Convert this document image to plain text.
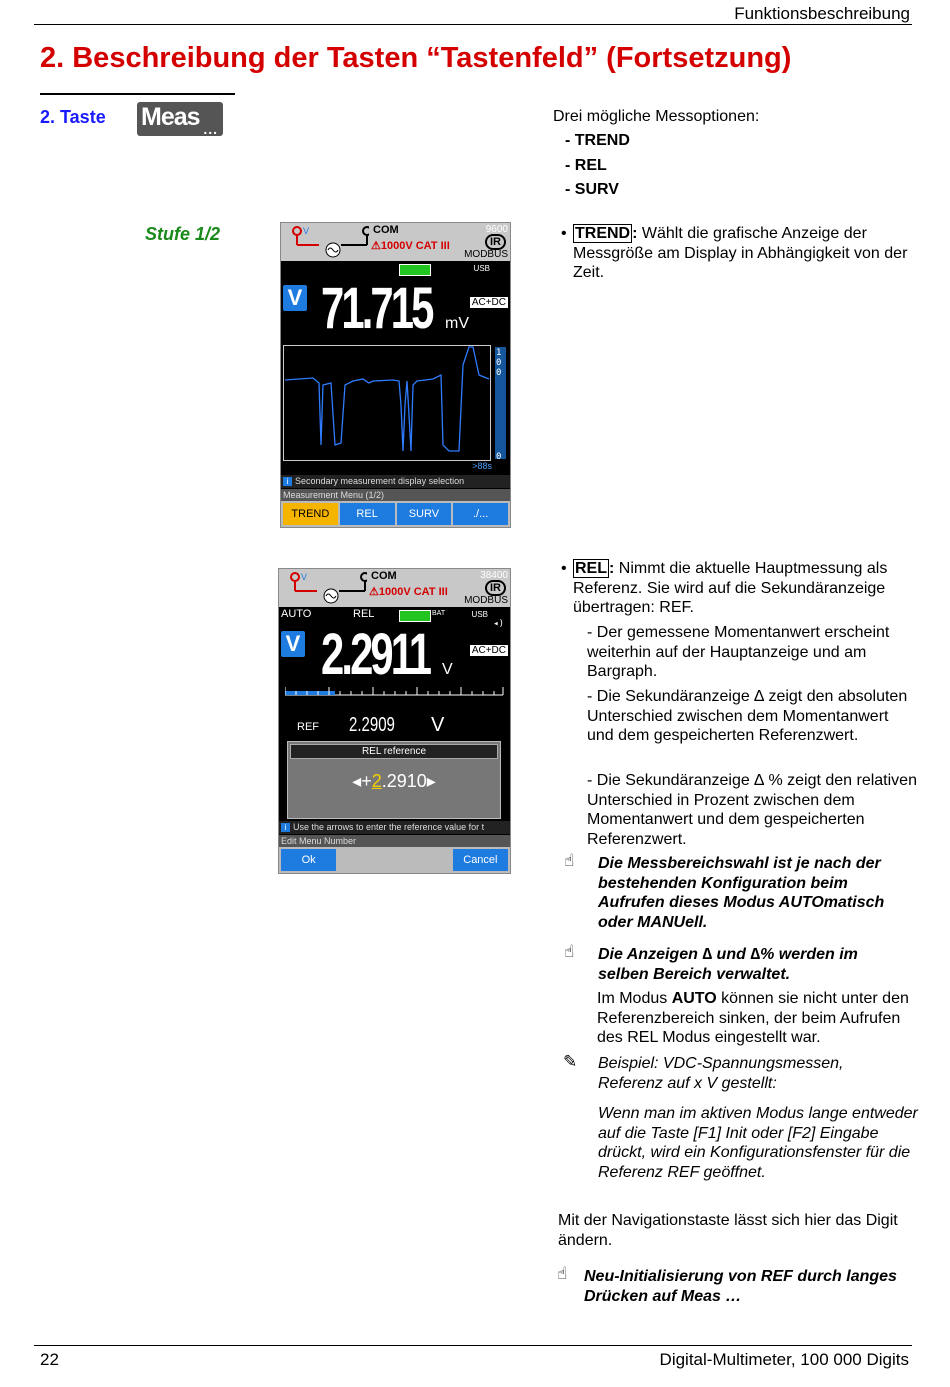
Funktionsbeschreibung
2. Beschreibung der Tasten “Tastenfeld” (Fortsetzung)
2. Taste Meas ...
Drei mögliche Messoptionen:
- TREND
- REL
- SURV
Stufe 1/2	V	COM
⚠1000V CAT III
9600
IR
MODBUS
USB
V 71.715 mV
AC+DC
1
0
0
0
>88s
i Secondary measurement display selection
Measurement Menu (1/2)
TREND	REL	SURV	./...
• TREND : Wählt die grafische Anzeige der Messgröße am Display in Abhängigkeit von der Zeit.
V	COM
⚠1000V CAT III
38400
IR
MODBUS
AUTO	REL	BAT	USB
◂)
V 2.2911 V
AC+DC
REF 2.2909 V
REL reference
◂+2.2910▸
i Use the arrows to enter the reference value for t
Edit Menu Number
Ok	Cancel
• REL : Nimmt die aktuelle Hauptmessung als Referenz. Sie wird auf die Sekundäranzeige übertragen: REF.
- Der gemessene Momentanwert erscheint weiterhin auf der Hauptanzeige und am Bargraph.
- Die Sekundäranzeige ∆ zeigt den absoluten Unterschied zwischen dem Momentanwert und dem gespeicherten Referenzwert.
- Die Sekundäranzeige ∆ % zeigt den relativen Unterschied in Prozent zwischen dem Momentanwert und dem gespeicherten Referenzwert.
☝ Die Messbereichswahl ist je nach der bestehenden Konfiguration beim Aufrufen dieses Modus AUTOmatisch oder MANUell.
☝ Die Anzeigen ∆ und ∆% werden im selben Bereich verwaltet.
Im Modus AUTO können sie nicht unter den Referenzbereich sinken, der beim Aufrufen des REL Modus eingestellt war.
✎ Beispiel: VDC-Spannungsmessen, Referenz auf x V gestellt:
Wenn man im aktiven Modus lange entweder auf die Taste [F1] Init oder [F2] Eingabe drückt, wird ein Konfigurationsfenster für die Referenz REF geöffnet.
Mit der Navigationstaste lässt sich hier das Digit ändern.
☝ Neu-Initialisierung von REF durch langes Drücken auf Meas …
22	Digital-Multimeter, 100 000 Digits
